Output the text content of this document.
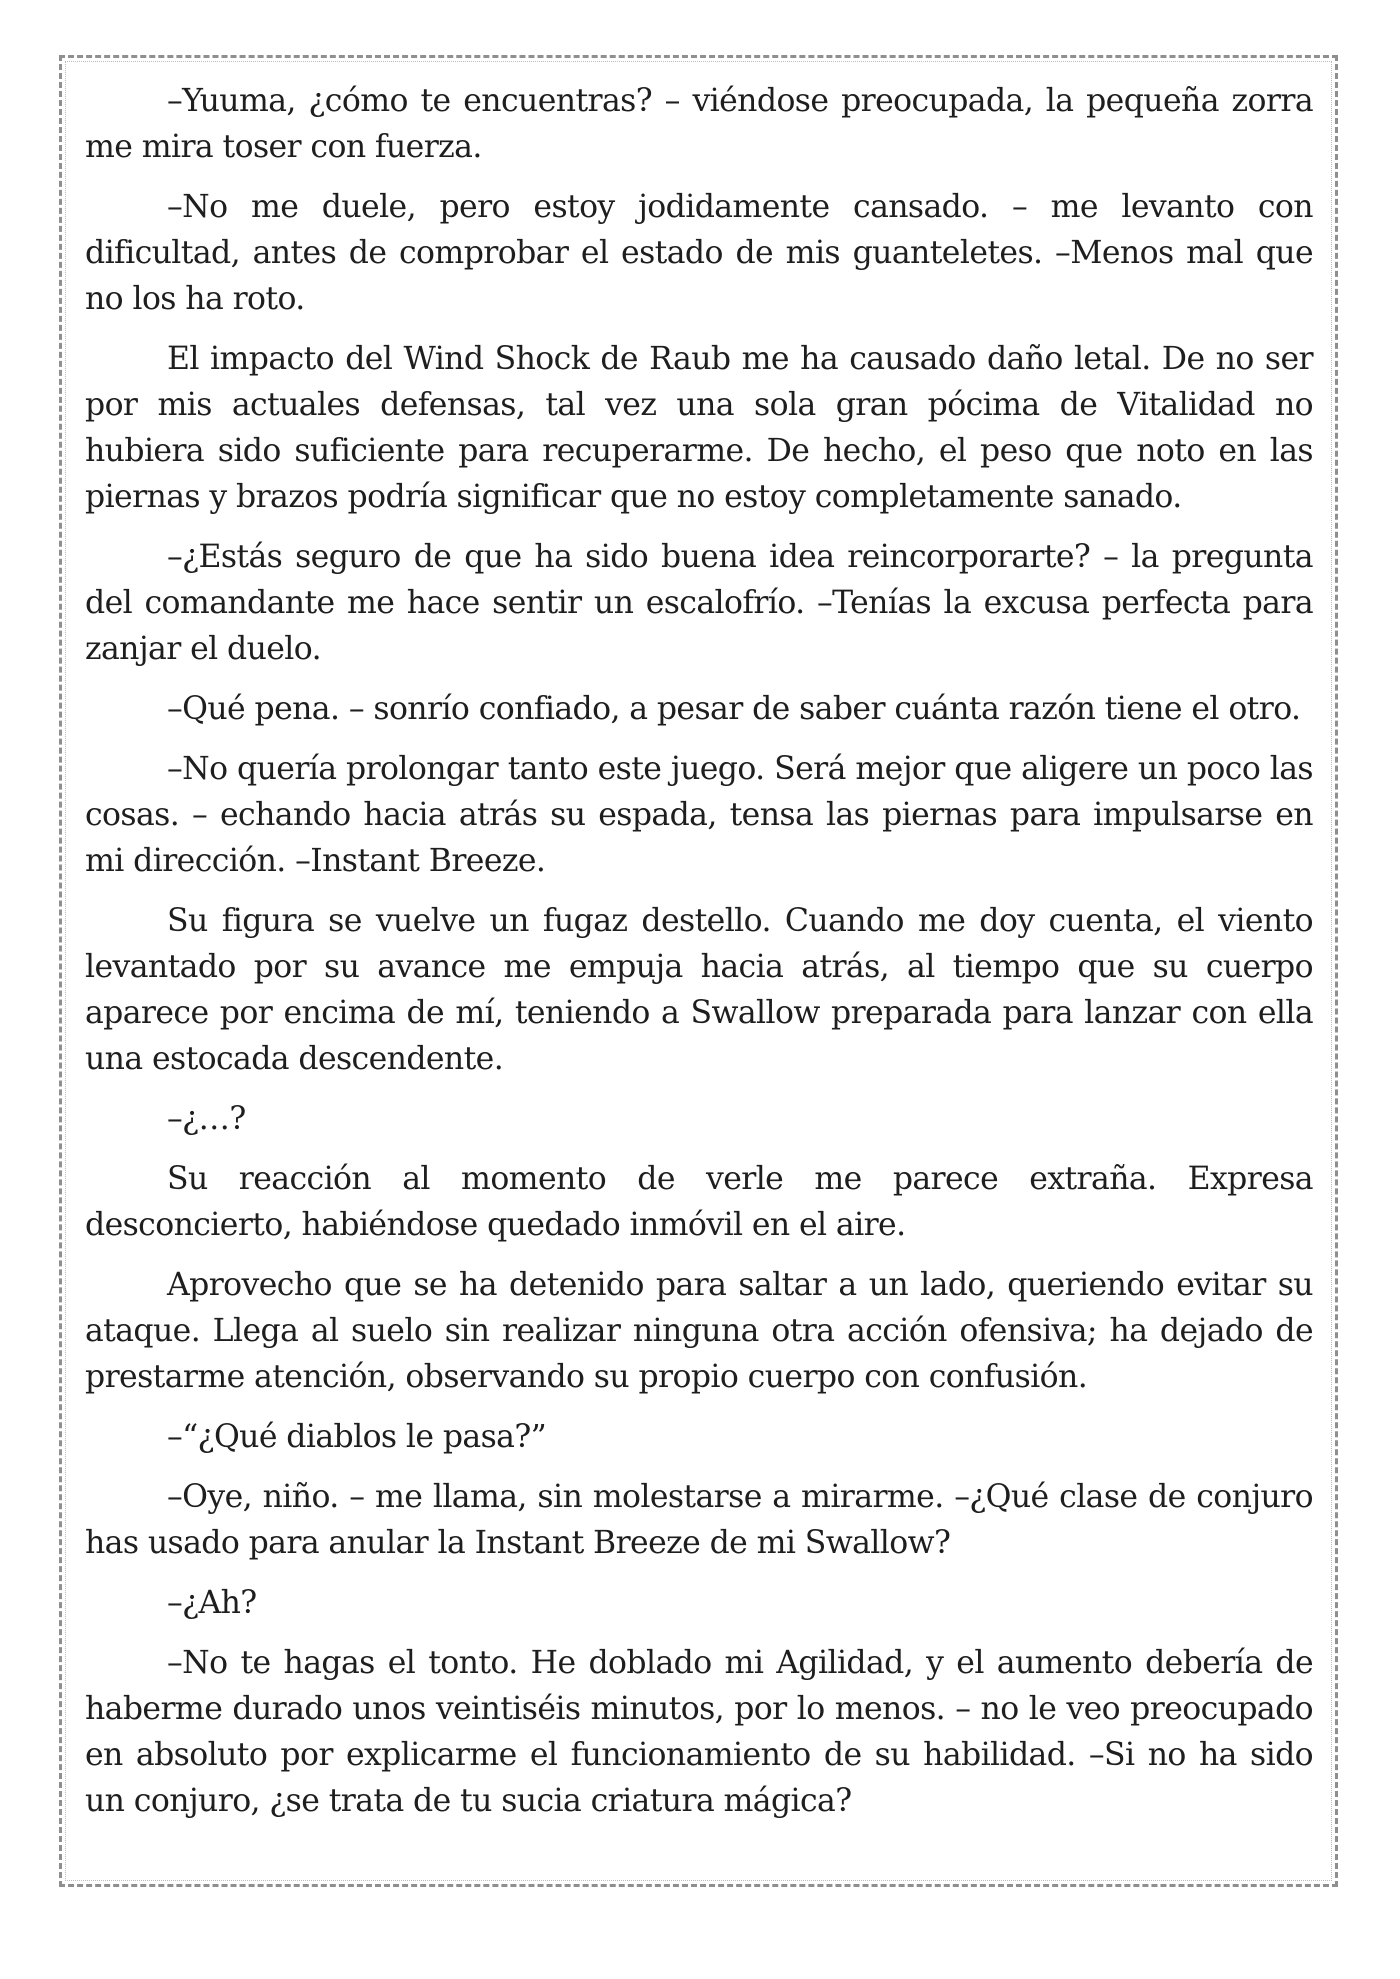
–Yuuma, ¿cómo te encuentras? – viéndose preocupada, la pequeña zorra me mira toser con fuerza.

–No me duele, pero estoy jodidamente cansado. – me levanto con dificultad, antes de comprobar el estado de mis guanteletes. –Menos mal que no los ha roto.

El impacto del Wind Shock de Raub me ha causado daño letal. De no ser por mis actuales defensas, tal vez una sola gran pócima de Vitalidad no hubiera sido suficiente para recuperarme. De hecho, el peso que noto en las piernas y brazos podría significar que no estoy completamente sanado.

–¿Estás seguro de que ha sido buena idea reincorporarte? – la pregunta del comandante me hace sentir un escalofrío. –Tenías la excusa perfecta para zanjar el duelo.

–Qué pena. – sonrío confiado, a pesar de saber cuánta razón tiene el otro.

–No quería prolongar tanto este juego. Será mejor que aligere un poco las cosas. – echando hacia atrás su espada, tensa las piernas para impulsarse en mi dirección. –Instant Breeze.

Su figura se vuelve un fugaz destello. Cuando me doy cuenta, el viento levantado por su avance me empuja hacia atrás, al tiempo que su cuerpo aparece por encima de mí, teniendo a Swallow preparada para lanzar con ella una estocada descendente.

–¿…?

Su reacción al momento de verle me parece extraña. Expresa desconcierto, habiéndose quedado inmóvil en el aire.

Aprovecho que se ha detenido para saltar a un lado, queriendo evitar su ataque. Llega al suelo sin realizar ninguna otra acción ofensiva; ha dejado de prestarme atención, observando su propio cuerpo con confusión.

–“¿Qué diablos le pasa?”

–Oye, niño. – me llama, sin molestarse a mirarme. –¿Qué clase de conjuro has usado para anular la Instant Breeze de mi Swallow?

–¿Ah?

–No te hagas el tonto. He doblado mi Agilidad, y el aumento debería de haberme durado unos veintiséis minutos, por lo menos. – no le veo preocupado en absoluto por explicarme el funcionamiento de su habilidad. –Si no ha sido un conjuro, ¿se trata de tu sucia criatura mágica?
